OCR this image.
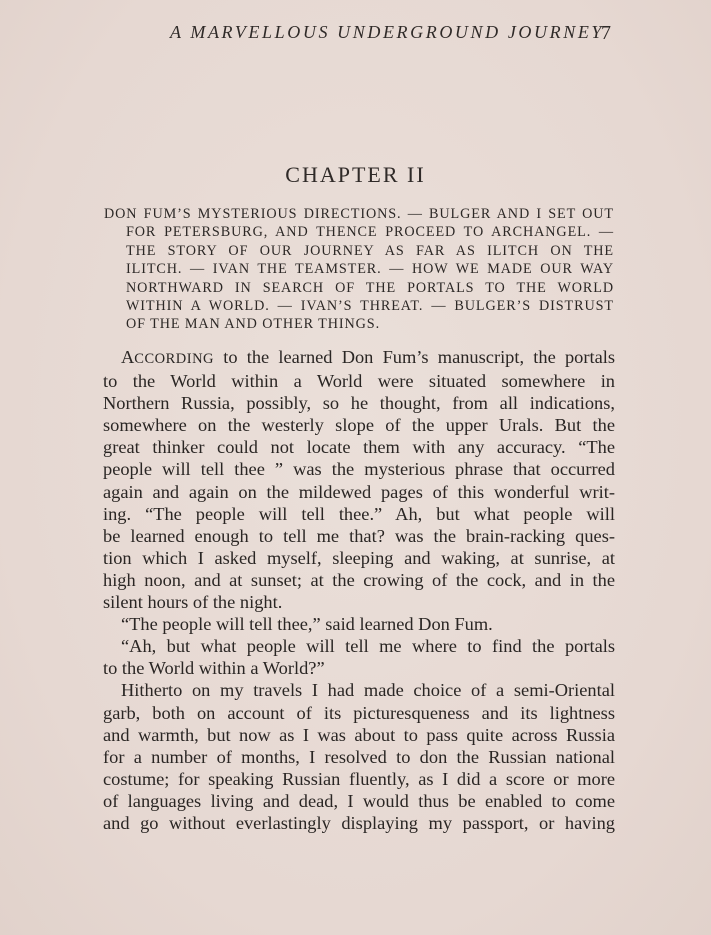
A MARVELLOUS UNDERGROUND JOURNEY
7
CHAPTER II
DON FUM’S MYSTERIOUS DIRECTIONS. — BULGER AND I SET OUT
FOR PETERSBURG, AND THENCE PROCEED TO ARCHANGEL. —
THE STORY OF OUR JOURNEY AS FAR AS ILITCH ON THE
ILITCH. — IVAN THE TEAMSTER. — HOW WE MADE OUR WAY
NORTHWARD IN SEARCH OF THE PORTALS TO THE WORLD
WITHIN A WORLD. — IVAN’S THREAT. — BULGER’S DISTRUST
OF THE MAN AND OTHER THINGS.
ACCORDING to the learned Don Fum’s manuscript, the portals
to the World within a World were situated somewhere in
Northern Russia, possibly, so he thought, from all indications,
somewhere on the westerly slope of the upper Urals. But the
great thinker could not locate them with any accuracy. “The
people will tell thee ” was the mysterious phrase that occurred
again and again on the mildewed pages of this wonderful writ-
ing. “The people will tell thee.” Ah, but what people will
be learned enough to tell me that? was the brain-racking ques-
tion which I asked myself, sleeping and waking, at sunrise, at
high noon, and at sunset; at the crowing of the cock, and in the
silent hours of the night.
“The people will tell thee,” said learned Don Fum.
“Ah, but what people will tell me where to find the portals
to the World within a World?”
Hitherto on my travels I had made choice of a semi-Oriental
garb, both on account of its picturesqueness and its lightness
and warmth, but now as I was about to pass quite across Russia
for a number of months, I resolved to don the Russian national
costume; for speaking Russian fluently, as I did a score or more
of languages living and dead, I would thus be enabled to come
and go without everlastingly displaying my passport, or having
